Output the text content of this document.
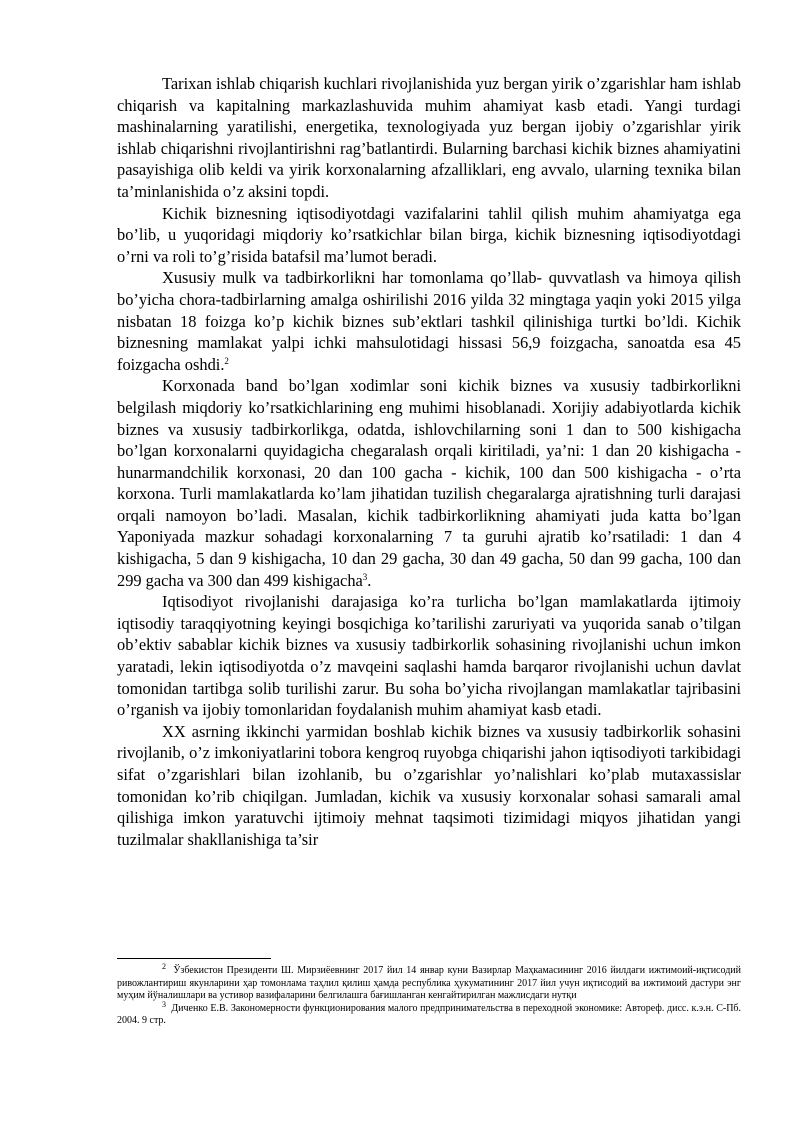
Tarixan ishlab chiqarish kuchlari rivojlanishida yuz bergan yirik o’zgarishlar ham ishlab chiqarish va kapitalning markazlashuvida muhim ahamiyat kasb etadi. Yangi turdagi mashinalarning yaratilishi, energetika, texnologiyada yuz bergan ijobiy o’zgarishlar yirik ishlab chiqarishni rivojlantirishni rag’batlantirdi. Bularning barchasi kichik biznes ahamiyatini pasayishiga olib keldi va yirik korxonalarning afzalliklari, eng avvalo, ularning texnika bilan ta’minlanishida o’z aksini topdi.

Kichik biznesning iqtisodiyotdagi vazifalarini tahlil qilish muhim ahamiyatga ega bo’lib, u yuqoridagi miqdoriy ko’rsatkichlar bilan birga, kichik biznesning iqtisodiyotdagi o’rni va roli to’g’risida batafsil ma’lumot beradi.

Xususiy mulk va tadbirkorlikni har tomonlama qo’llab- quvvatlash va himoya qilish bo’yicha chora-tadbirlarning amalga oshirilishi 2016 yilda 32 mingtaga yaqin yoki 2015 yilga nisbatan 18 foizga ko’p kichik biznes sub’ektlari tashkil qilinishiga turtki bo’ldi. Kichik biznesning mamlakat yalpi ichki mahsulotidagi hissasi 56,9 foizgacha, sanoatda esa 45 foizgacha oshdi.$^2$

Korxonada band bo’lgan xodimlar soni kichik biznes va xususiy tadbirkorlikni belgilash miqdoriy ko’rsatkichlarining eng muhimi hisoblanadi. Xorijiy adabiyotlarda kichik biznes va xususiy tadbirkorlikga, odatda, ishlovchilarning soni 1 dan to 500 kishigacha bo’lgan korxonalarni quyidagicha chegaralash orqali kiritiladi, ya’ni: 1 dan 20 kishigacha - hunarmandchilik korxonasi, 20 dan 100 gacha - kichik, 100 dan 500 kishigacha - o’rta korxona. Turli mamlakatlarda ko’lam jihatidan tuzilish chegaralarga ajratishning turli darajasi orqali namoyon bo’ladi. Masalan, kichik tadbirkorlikning ahamiyati juda katta bo’lgan Yaponiyada mazkur sohadagi korxonalarning 7 ta guruhi ajratib ko’rsatiladi: 1 dan 4 kishigacha, 5 dan 9 kishigacha, 10 dan 29 gacha, 30 dan 49 gacha, 50 dan 99 gacha, 100 dan 299 gacha va 300 dan 499 kishigacha$^3$.

Iqtisodiyot rivojlanishi darajasiga ko’ra turlicha bo’lgan mamlakatlarda ijtimoiy iqtisodiy taraqqiyotning keyingi bosqichiga ko’tarilishi zaruriyati va yuqorida sanab o’tilgan ob’ektiv sabablar kichik biznes va xususiy tadbirkorlik sohasining rivojlanishi uchun imkon yaratadi, lekin iqtisodiyotda o’z mavqeini saqlashi hamda barqaror rivojlanishi uchun davlat tomonidan tartibga solib turilishi zarur. Bu soha bo’yicha rivojlangan mamlakatlar tajribasini o’rganish va ijobiy tomonlaridan foydalanish muhim ahamiyat kasb etadi.

XX asrning ikkinchi yarmidan boshlab kichik biznes va xususiy tadbirkorlik sohasini rivojlanib, o’z imkoniyatlarini tobora kengroq ruyobga chiqarishi jahon iqtisodiyoti tarkibidagi sifat o’zgarishlari bilan izohlanib, bu o’zgarishlar yo’nalishlari ko’plab mutaxassislar tomonidan ko’rib chiqilgan. Jumladan, kichik va xususiy korxonalar sohasi samarali amal qilishiga imkon yaratuvchi ijtimoiy mehnat taqsimoti tizimidagi miqyos jihatidan yangi tuzilmalar shakllanishiga ta’sir

$^2$ Ўзбекистон Президенти Ш. Мирзиёевнинг 2017 йил 14 январ куни Вазирлар Маҳкамасининг 2016 йилдаги ижтимоий-иқтисодий ривожлантириш якунларини ҳар томонлама таҳлил қилиш ҳамда республика ҳукуматининг 2017 йил учун иқтисодий ва ижтимоий дастури энг муҳим йўналишлари ва устивор вазифаларини белгилашга бағишланган кенгайтирилган мажлисдаги нутқи

$^3$ Диченко Е.В. Закономерности функционирования малого предпринимательства в переходной экономике: Автореф. дисс. к.э.н. С-Пб. 2004. 9 стр.
